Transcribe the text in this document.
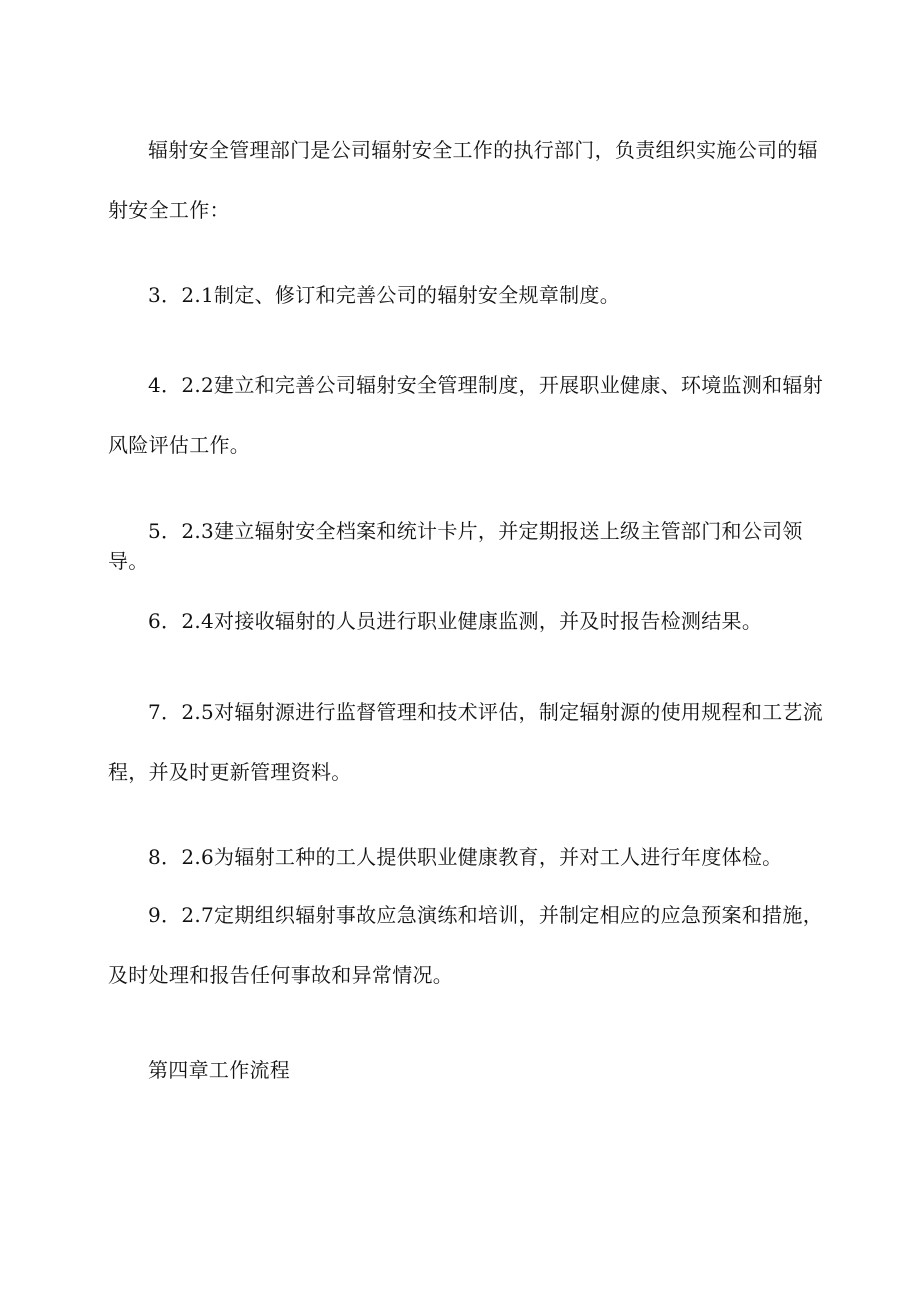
辐射安全管理部门是公司辐射安全工作的执行部门，负责组织实施公司的辐射安全工作：

3．2.1制定、修订和完善公司的辐射安全规章制度。

4．2.2建立和完善公司辐射安全管理制度，开展职业健康、环境监测和辐射风险评估工作。

5．2.3建立辐射安全档案和统计卡片，并定期报送上级主管部门和公司领导。

6．2.4对接收辐射的人员进行职业健康监测，并及时报告检测结果。

7．2.5对辐射源进行监督管理和技术评估，制定辐射源的使用规程和工艺流程，并及时更新管理资料。

8．2.6为辐射工种的工人提供职业健康教育，并对工人进行年度体检。

9．2.7定期组织辐射事故应急演练和培训，并制定相应的应急预案和措施，及时处理和报告任何事故和异常情况。

第四章工作流程
